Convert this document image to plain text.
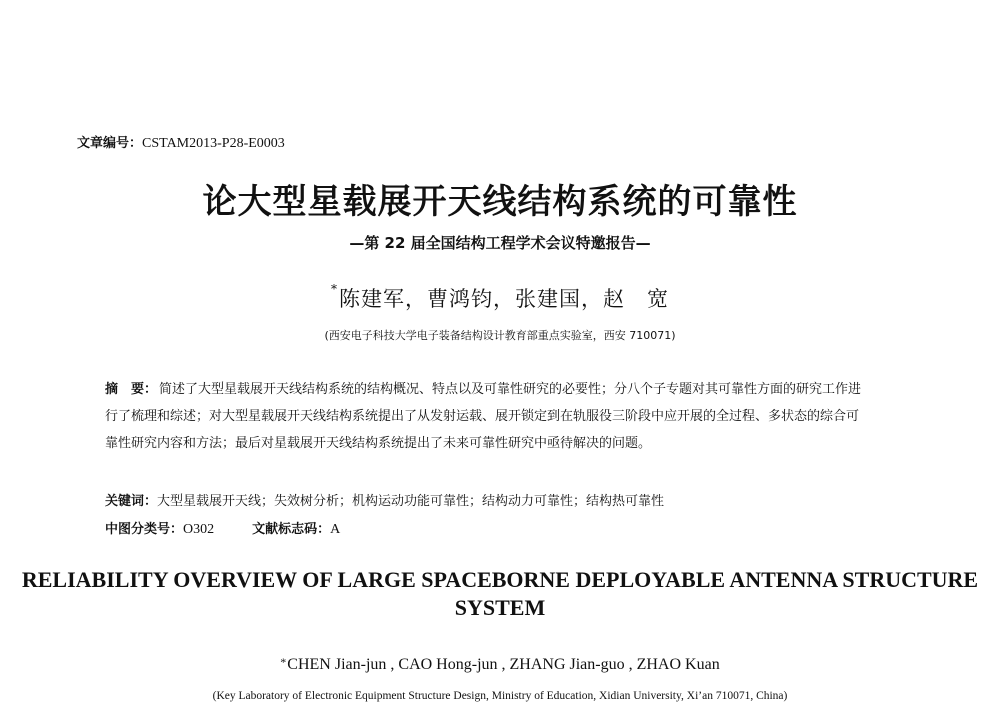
文章编号：CSTAM2013-P28-E0003
论大型星载展开天线结构系统的可靠性
—第 22 届全国结构工程学术会议特邀报告—
*陈建军，曹鸿钧，张建国，赵　宽
(西安电子科技大学电子装备结构设计教育部重点实验室，西安 710071)
摘　要： 简述了大型星载展开天线结构系统的结构概况、特点以及可靠性研究的必要性；分八个子专题对其可靠性方面的研究工作进行了梳理和综述；对大型星载展开天线结构系统提出了从发射运载、展开锁定到在轨服役三阶段中应开展的全过程、多状态的综合可靠性研究内容和方法；最后对星载展开天线结构系统提出了未来可靠性研究中亟待解决的问题。
关键词：大型星载展开天线；失效树分析；机构运动功能可靠性；结构动力可靠性；结构热可靠性
中图分类号：O302	文献标志码：A
RELIABILITY OVERVIEW OF LARGE SPACEBORNE DEPLOYABLE ANTENNA STRUCTURE SYSTEM
*CHEN Jian-jun , CAO Hong-jun , ZHANG Jian-guo , ZHAO Kuan
(Key Laboratory of Electronic Equipment Structure Design, Ministry of Education, Xidian University, Xi’an 710071, China)
